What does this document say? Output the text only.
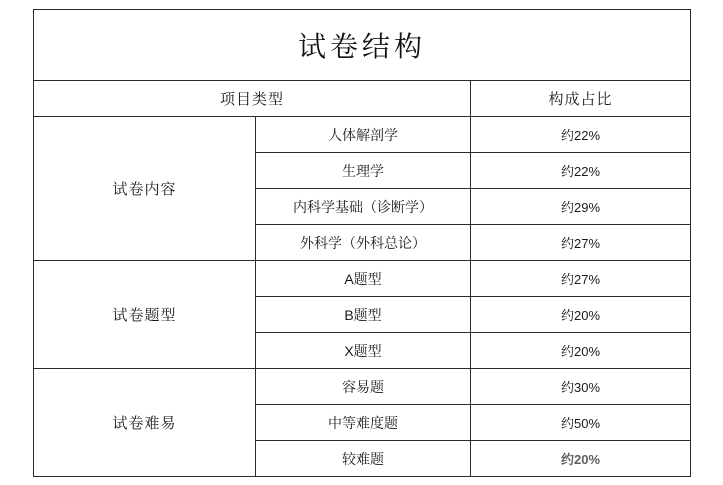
试卷结构		
项目类型		构成占比
试卷内容	人体解剖学	约22%
	生理学	约22%
	内科学基础（诊断学）	约29%
	外科学（外科总论）	约27%
试卷题型	A题型	约27%
	B题型	约20%
	X题型	约20%
试卷难易	容易题	约30%
	中等难度题	约50%
	较难题	约20%
